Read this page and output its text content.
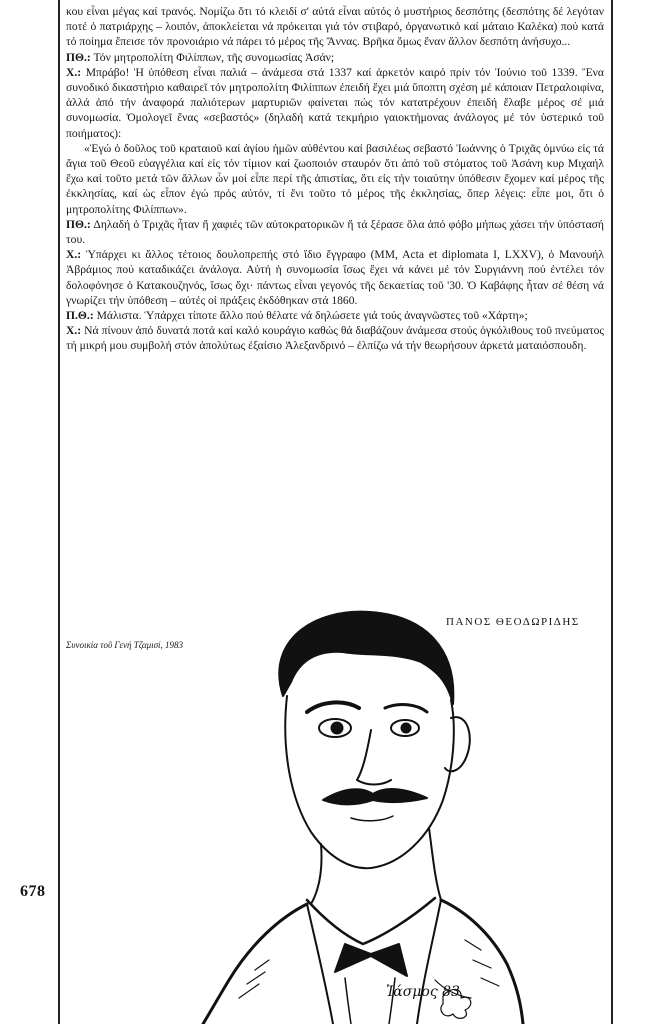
678

κου εἶναι μέγας καί τρανός. Νομίζω ὅτι τό κλειδί σ' αὐτά εἶναι αὐτός ὁ μυστήριος δεσπότης (δεσπότης δέ λεγόταν ποτέ ὁ πατριάρχης – λοιπόν, ἀποκλείεται νά πρόκειται γιά τόν στιβαρό, ὀργανωτικό καί μάταιο Καλέκα) πού κατά τό ποίημα ἔπεισε τόν προνοιάριο νά πάρει τό μέρος τῆς Ἄννας. Βρῆκα ὅμως ἕναν ἄλλον δεσπότη ἀνήσυχο...

ΠΘ.: Τόν μητροπολίτη Φιλίππων, τῆς συνομωσίας Ἀσάν;

Χ.: Μπράβο! Ἡ ὑπόθεση εἶναι παλιά – ἀνάμεσα στά 1337 καί ἀρκετόν καιρό πρίν τόν Ἰούνιο τοῦ 1339. Ἕνα συνοδικό δικαστήριο καθαιρεῖ τόν μητροπολίτη Φιλίππων ἐπειδή ἔχει μιά ὕποπτη σχέση μέ κάποιαν Πετραλοιφίνα, ἀλλά ἀπό τήν ἀναφορά παλιότερων μαρτυριῶν φαίνεται πώς τόν κατατρέχουν ἐπειδή ἔλαβε μέρος σέ μιά συνομωσία. Ὁμολογεῖ ἕνας «σεβαστός» (δηλαδή κατά τεκμήριο γαιοκτήμονας ἀνάλογος μέ τόν ὑστερικό τοῦ ποιήματος):

«Ἐγώ ὁ δοῦλος τοῦ κραταιοῦ καί ἁγίου ἡμῶν αὐθέντου καί βασιλέως σεβαστό Ἰωάννης ὁ Τριχᾶς ὀμνύω εἰς τά ἅγια τοῦ Θεοῦ εὐαγγέλια καί εἰς τόν τίμιον καί ζωοποιόν σταυρόν ὅτι ἀπό τοῦ στόματος τοῦ Ἀσάνη κυρ Μιχαήλ ἔχω καί τοῦτο μετά τῶν ἄλλων ὧν μοί εἶπε περί τῆς ἀπιστίας, ὅτι εἰς τήν τοιαύτην ὑπόθεσιν ἔχομεν καί μέρος τῆς ἐκκλησίας, καί ὡς εἶπον ἐγώ πρός αὐτόν, τί ἔνι τοῦτο τό μέρος τῆς ἐκκλησίας, ὅπερ λέγεις: εἶπε μοι, ὅτι ὁ μητροπολίτης Φιλίππων».

ΠΘ.: Δηλαδή ὁ Τριχᾶς ἦταν ἤ χαφιές τῶν αὐτοκρατορικῶν ἤ τά ξέρασε ὅλα ἀπό φόβο μήπως χάσει τήν ὑπόστασή του.

Χ.: Ὑπάρχει κι ἄλλος τέτοιος δουλοπρεπής στό ἴδιο ἔγγραφο (MM, Acta et diplomata I, LXXV), ὁ Μανουήλ Ἀβράμιος πού καταδικάζει ἀνάλογα. Αὐτή ἡ συνομωσία ἴσως ἔχει νά κάνει μέ τόν Συργιάννη πού ἐντέλει τόν δολοφόνησε ὁ Κατακουζηνός, ἴσως ὄχι· πάντως εἶναι γεγονός τῆς δεκαετίας τοῦ '30. Ὁ Καβάφης ἦταν σέ θέση νά γνωρίζει τήν ὑπόθεση – αὐτές οἱ πράξεις ἐκδόθηκαν στά 1860.

Π.Θ.: Μάλιστα. Ὑπάρχει τίποτε ἄλλο πού θέλατε νά δηλώσετε γιά τούς ἀναγνῶστες τοῦ «Χάρτη»;

Χ.: Νά πίνουν ἀπό δυνατά ποτά καί καλό κουράγιο καθώς θά διαβάζουν ἀνάμεσα στούς ὀγκόλιθους τοῦ πνεύματος τή μικρή μου συμβολή στόν ἀπολύτως ἐξαίσιο Ἀλεξανδρινό – ἐλπίζω νά τήν θεωρήσουν ἀρκετά ματαιόσπουδη.

ΠΑΝΟΣ ΘΕΟΔΩΡΙΔΗΣ
Συνοικία τοῦ Γενή Τζαμισί, 1983
Ἰάσμος 83
